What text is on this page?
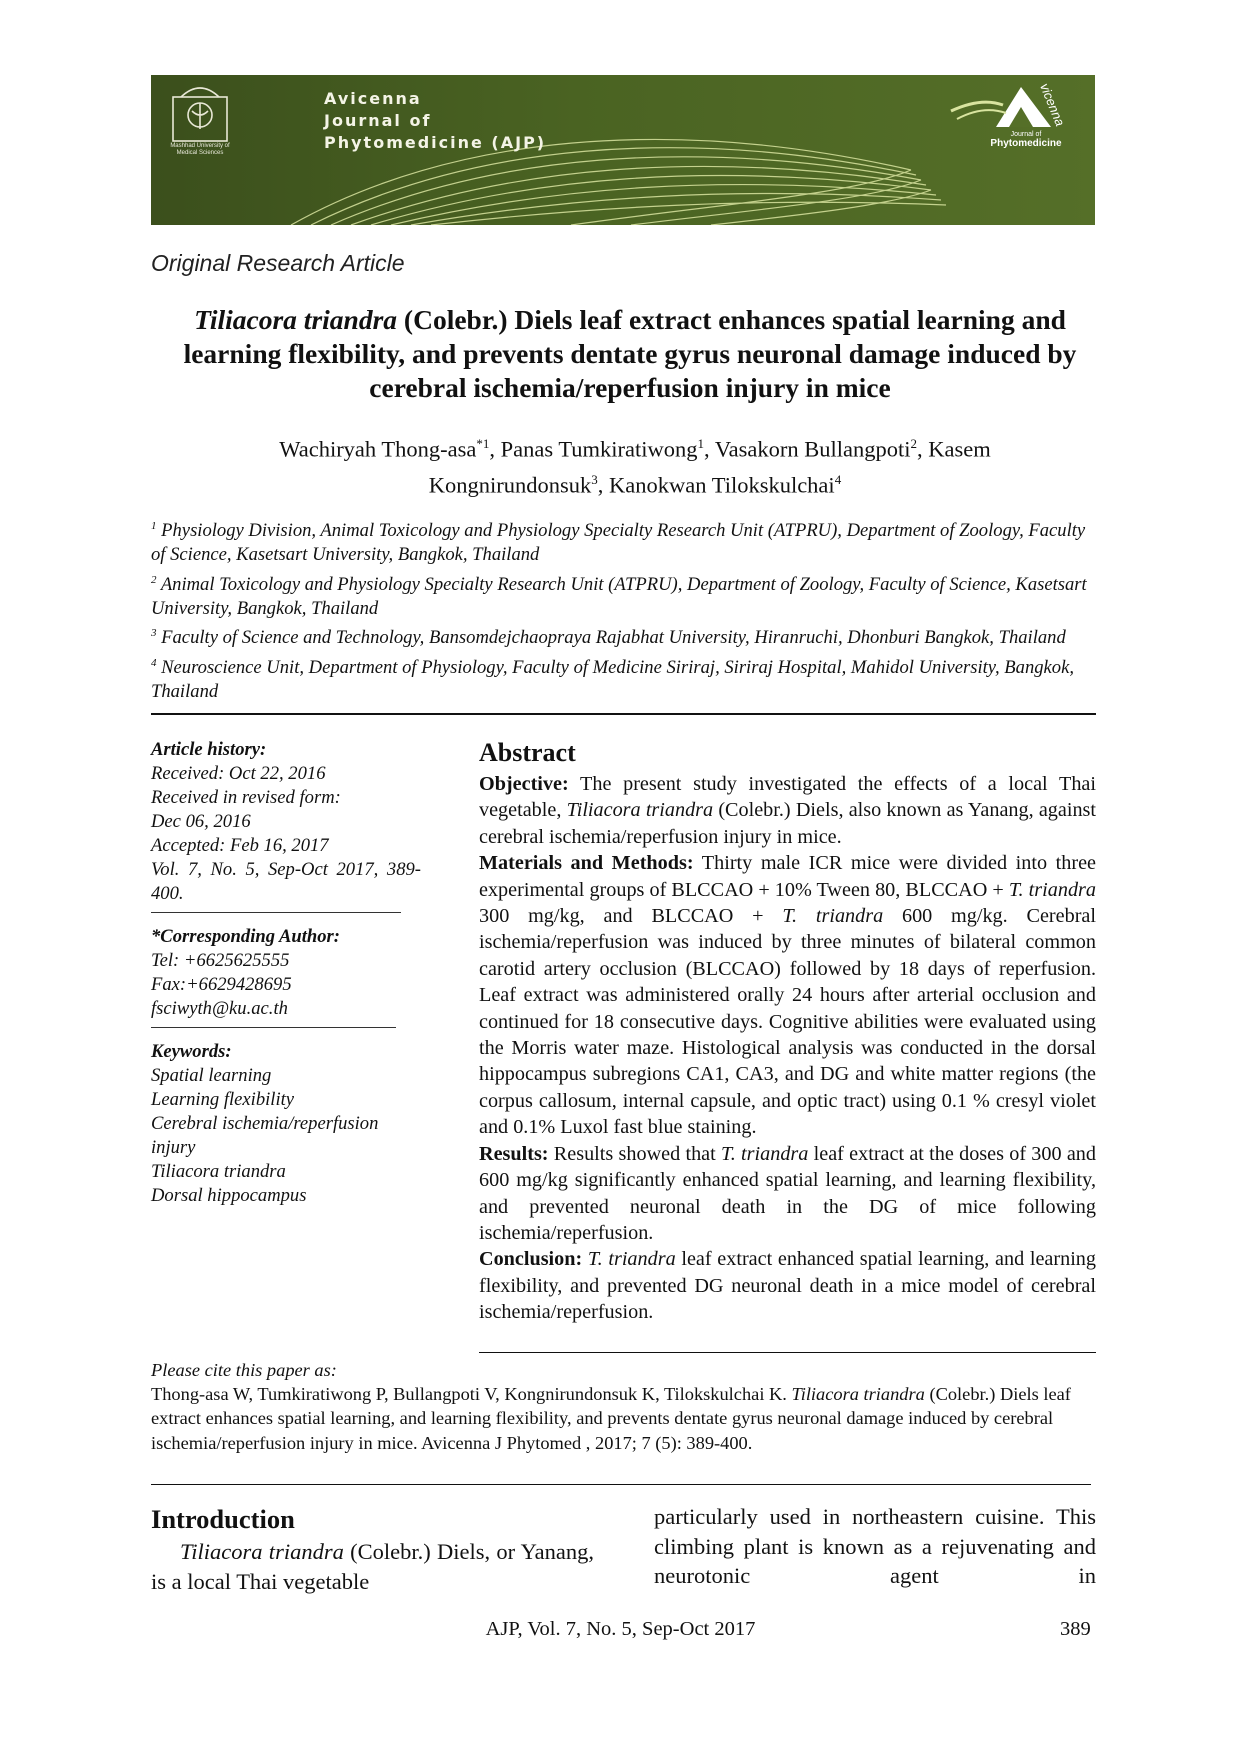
Mashhad University of Medical Sciences
Avicenna
Journal of
Phytomedicine (AJP)
vicenna
Journal of
Phytomedicine
Original Research Article
Tiliacora triandra (Colebr.) Diels leaf extract enhances spatial learning and learning flexibility, and prevents dentate gyrus neuronal damage induced by cerebral ischemia/reperfusion injury in mice
Wachiryah Thong-asa$^{*1}$, Panas Tumkiratiwong$^1$, Vasakorn Bullangpoti$^2$, Kasem Kongnirundonsuk$^3$, Kanokwan Tilokskulchai$^4$
$^1$ Physiology Division, Animal Toxicology and Physiology Specialty Research Unit (ATPRU), Department of Zoology, Faculty of Science, Kasetsart University, Bangkok, Thailand
$^2$ Animal Toxicology and Physiology Specialty Research Unit (ATPRU), Department of Zoology, Faculty of Science, Kasetsart University, Bangkok, Thailand
$^3$ Faculty of Science and Technology, Bansomdejchaopraya Rajabhat University, Hiranruchi, Dhonburi Bangkok, Thailand
$^4$ Neuroscience Unit, Department of Physiology, Faculty of Medicine Siriraj, Siriraj Hospital, Mahidol University, Bangkok, Thailand
Article history:
Received: Oct 22, 2016
Received in revised form:
Dec 06, 2016
Accepted: Feb 16, 2017
Vol. 7, No. 5, Sep-Oct 2017, 389-400.
*Corresponding Author:
Tel: +6625625555
Fax:+6629428695
fsciwyth@ku.ac.th
Keywords:
Spatial learning
Learning flexibility
Cerebral ischemia/reperfusion injury
Tiliacora triandra
Dorsal hippocampus
Abstract

Objective: The present study investigated the effects of a local Thai vegetable, Tiliacora triandra (Colebr.) Diels, also known as Yanang, against cerebral ischemia/reperfusion injury in mice.

Materials and Methods: Thirty male ICR mice were divided into three experimental groups of BLCCAO + 10% Tween 80, BLCCAO + T. triandra 300 mg/kg, and BLCCAO + T. triandra 600 mg/kg. Cerebral ischemia/reperfusion was induced by three minutes of bilateral common carotid artery occlusion (BLCCAO) followed by 18 days of reperfusion. Leaf extract was administered orally 24 hours after arterial occlusion and continued for 18 consecutive days. Cognitive abilities were evaluated using the Morris water maze. Histological analysis was conducted in the dorsal hippocampus subregions CA1, CA3, and DG and white matter regions (the corpus callosum, internal capsule, and optic tract) using 0.1 % cresyl violet and 0.1% Luxol fast blue staining.

Results: Results showed that T. triandra leaf extract at the doses of 300 and 600 mg/kg significantly enhanced spatial learning, and learning flexibility, and prevented neuronal death in the DG of mice following ischemia/reperfusion.

Conclusion: T. triandra leaf extract enhanced spatial learning, and learning flexibility, and prevented DG neuronal death in a mice model of cerebral ischemia/reperfusion.

Please cite this paper as:
Thong-asa W, Tumkiratiwong P, Bullangpoti V, Kongnirundonsuk K, Tilokskulchai K. Tiliacora triandra (Colebr.) Diels leaf extract enhances spatial learning, and learning flexibility, and prevents dentate gyrus neuronal damage induced by cerebral ischemia/reperfusion injury in mice. Avicenna J Phytomed , 2017; 7 (5): 389-400.
Introduction

Tiliacora triandra (Colebr.) Diels, or Yanang, is a local Thai vegetable

particularly used in northeastern cuisine. This climbing plant is known as a rejuvenating and neurotonic agent in
AJP, Vol. 7, No. 5, Sep-Oct 2017	389
